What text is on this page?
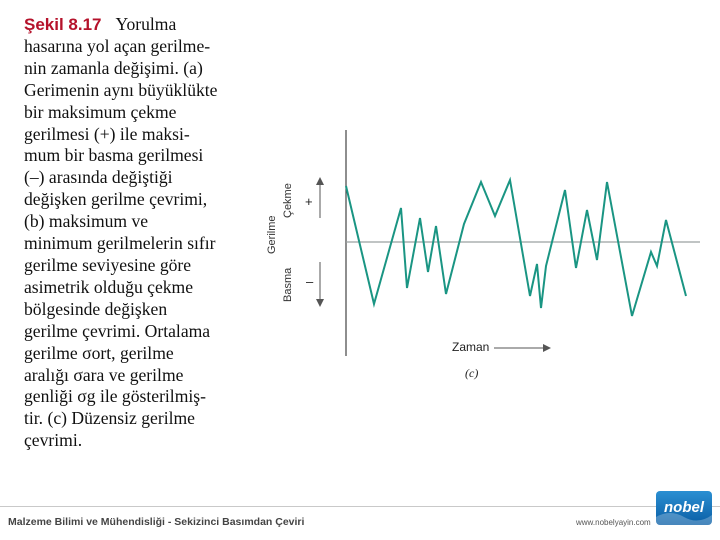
Şekil 8.17 Yorulma
hasarına yol açan gerilme-
nin zamanla değişimi. (a)
Gerimenin aynı büyüklükte
bir maksimum çekme
gerilmesi (+) ile maksi-
mum bir basma gerilmesi
(–) arasında değiştiği
değişken gerilme çevrimi,
(b) maksimum ve
minimum gerilmelerin sıfır
gerilme seviyesine göre
asimetrik olduğu çekme
bölgesinde değişken
gerilme çevrimi. Ortalama
gerilme σort, gerilme
aralığı σara ve gerilme
genliği σg ile gösterilmiş-
tir. (c) Düzensiz gerilme
çevrimi.
Gerilme
Çekme
Basma
+
–
Zaman
(c)
Malzeme Bilimi ve Mühendisliği - Sekizinci Basımdan Çeviri	www.nobelyayin.com
nobel
